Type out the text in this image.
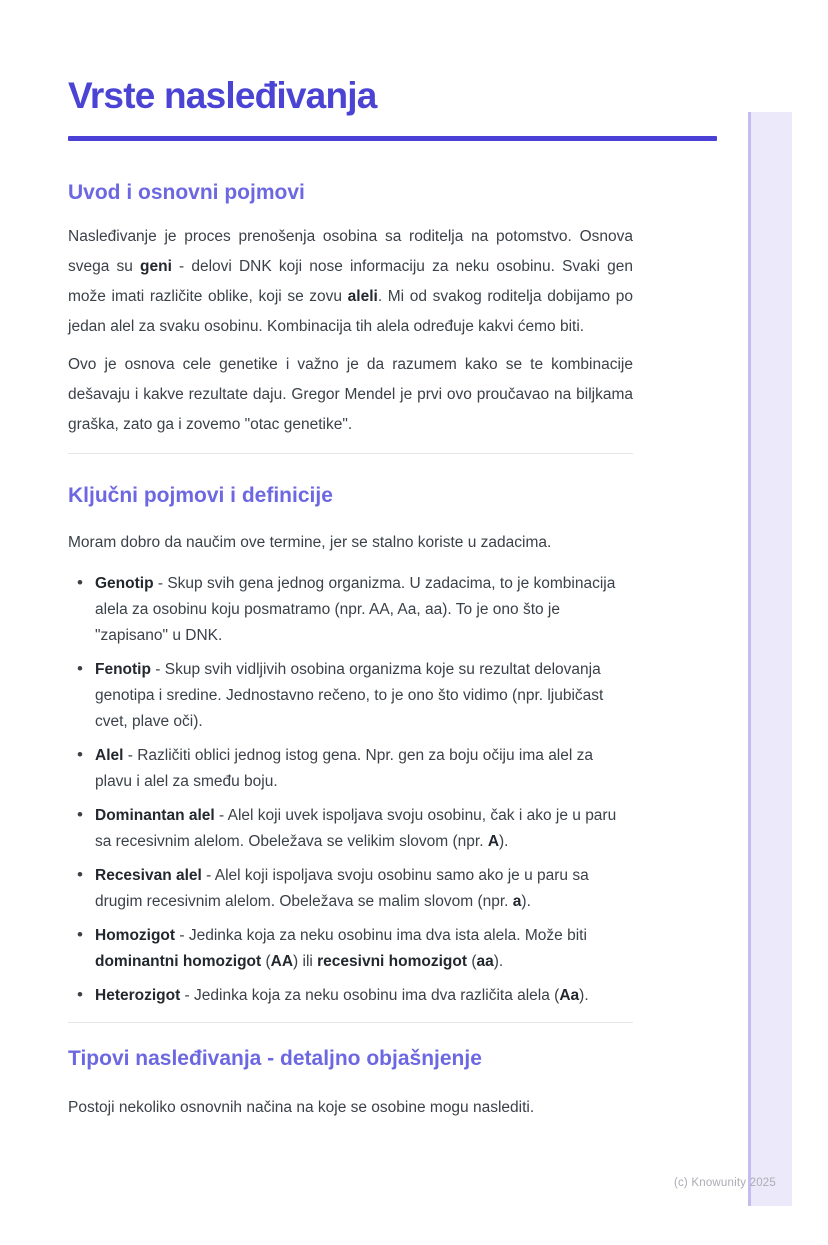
Vrste nasleđivanja
Uvod i osnovni pojmovi

Nasleđivanje je proces prenošenja osobina sa roditelja na potomstvo. Osnova svega su geni - delovi DNK koji nose informaciju za neku osobinu. Svaki gen može imati različite oblike, koji se zovu aleli. Mi od svakog roditelja dobijamo po jedan alel za svaku osobinu. Kombinacija tih alela određuje kakvi ćemo biti.

Ovo je osnova cele genetike i važno je da razumem kako se te kombinacije dešavaju i kakve rezultate daju. Gregor Mendel je prvi ovo proučavao na biljkama graška, zato ga i zovemo "otac genetike".

Ključni pojmovi i definicije

Moram dobro da naučim ove termine, jer se stalno koriste u zadacima.

• Genotip - Skup svih gena jednog organizma. U zadacima, to je kombinacija alela za osobinu koju posmatramo (npr. AA, Aa, aa). To je ono što je "zapisano" u DNK.
• Fenotip - Skup svih vidljivih osobina organizma koje su rezultat delovanja genotipa i sredine. Jednostavno rečeno, to je ono što vidimo (npr. ljubičast cvet, plave oči).
• Alel - Različiti oblici jednog istog gena. Npr. gen za boju očiju ima alel za plavu i alel za smeđu boju.
• Dominantan alel - Alel koji uvek ispoljava svoju osobinu, čak i ako je u paru sa recesivnim alelom. Obeležava se velikim slovom (npr. A).
• Recesivan alel - Alel koji ispoljava svoju osobinu samo ako je u paru sa drugim recesivnim alelom. Obeležava se malim slovom (npr. a).
• Homozigot - Jedinka koja za neku osobinu ima dva ista alela. Može biti dominantni homozigot (AA) ili recesivni homozigot (aa).
• Heterozigot - Jedinka koja za neku osobinu ima dva različita alela (Aa).
Tipovi nasleđivanja - detaljno objašnjenje

Postoji nekoliko osnovnih načina na koje se osobine mogu naslediti.

(c) Knowunity 2025
